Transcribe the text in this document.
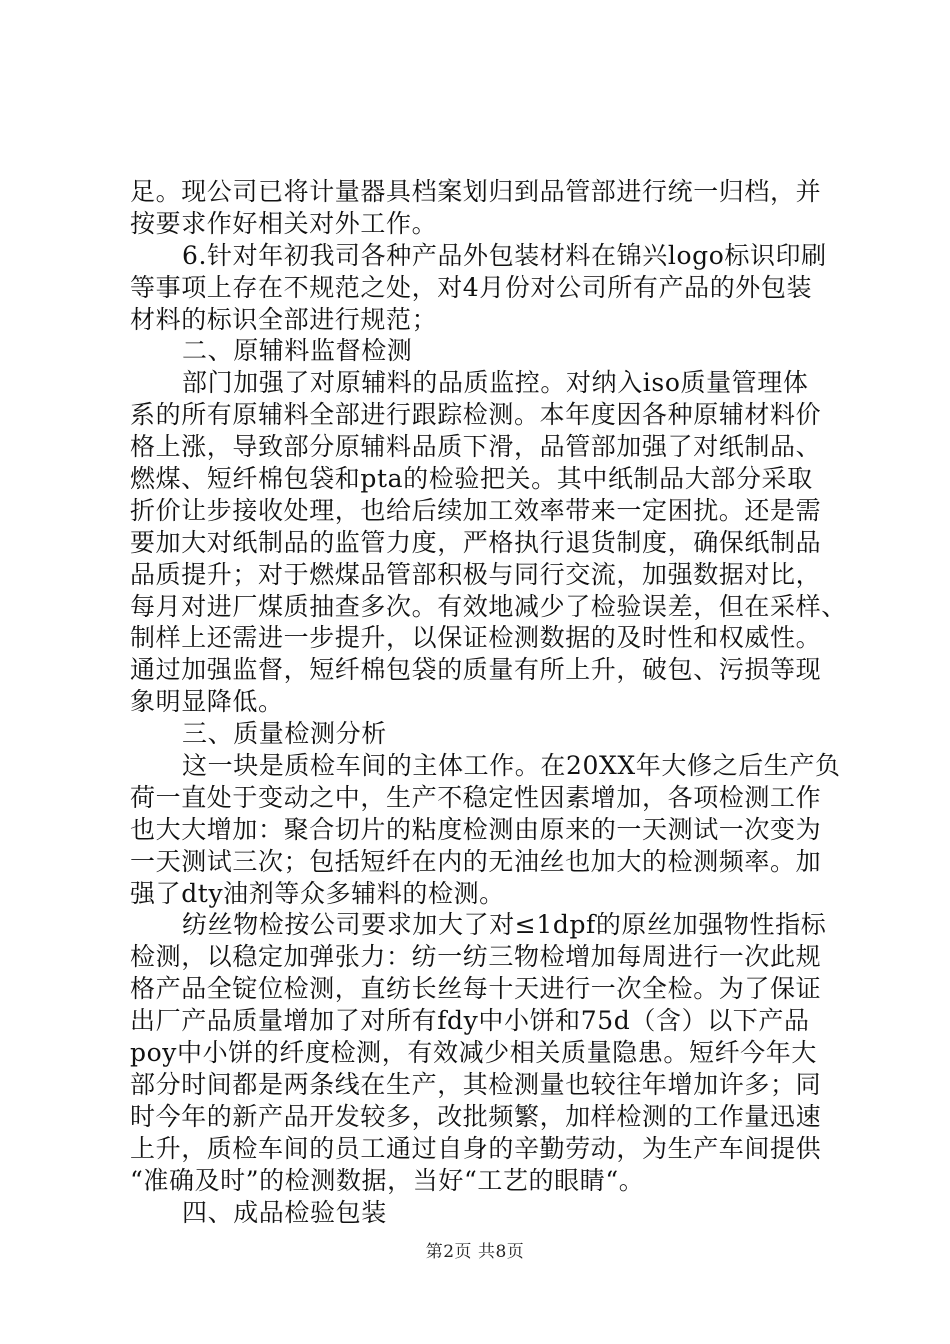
足。现公司已将计量器具档案划归到品管部进行统一归档，并
按要求作好相关对外工作。
6.针对年初我司各种产品外包装材料在锦兴logo标识印刷
等事项上存在不规范之处，对4月份对公司所有产品的外包装
材料的标识全部进行规范；
二、原辅料监督检测
部门加强了对原辅料的品质监控。对纳入iso质量管理体
系的所有原辅料全部进行跟踪检测。本年度因各种原辅材料价
格上涨，导致部分原辅料品质下滑，品管部加强了对纸制品、
燃煤、短纤棉包袋和pta的检验把关。其中纸制品大部分采取
折价让步接收处理，也给后续加工效率带来一定困扰。还是需
要加大对纸制品的监管力度，严格执行退货制度，确保纸制品
品质提升；对于燃煤品管部积极与同行交流，加强数据对比，
每月对进厂煤质抽查多次。有效地减少了检验误差，但在采样、
制样上还需进一步提升，以保证检测数据的及时性和权威性。
通过加强监督，短纤棉包袋的质量有所上升，破包、污损等现
象明显降低。
三、质量检测分析
这一块是质检车间的主体工作。在20XX年大修之后生产负
荷一直处于变动之中，生产不稳定性因素增加，各项检测工作
也大大增加：聚合切片的粘度检测由原来的一天测试一次变为
一天测试三次；包括短纤在内的无油丝也加大的检测频率。加
强了dty油剂等众多辅料的检测。
纺丝物检按公司要求加大了对≤1dpf的原丝加强物性指标
检测，以稳定加弹张力：纺一纺三物检增加每周进行一次此规
格产品全锭位检测，直纺长丝每十天进行一次全检。为了保证
出厂产品质量增加了对所有fdy中小饼和75d（含）以下产品
poy中小饼的纤度检测，有效减少相关质量隐患。短纤今年大
部分时间都是两条线在生产，其检测量也较往年增加许多；同
时今年的新产品开发较多，改批频繁，加样检测的工作量迅速
上升，质检车间的员工通过自身的辛勤劳动，为生产车间提供
“准确及时”的检测数据，当好“工艺的眼睛“。
四、成品检验包装
第2页 共8页
